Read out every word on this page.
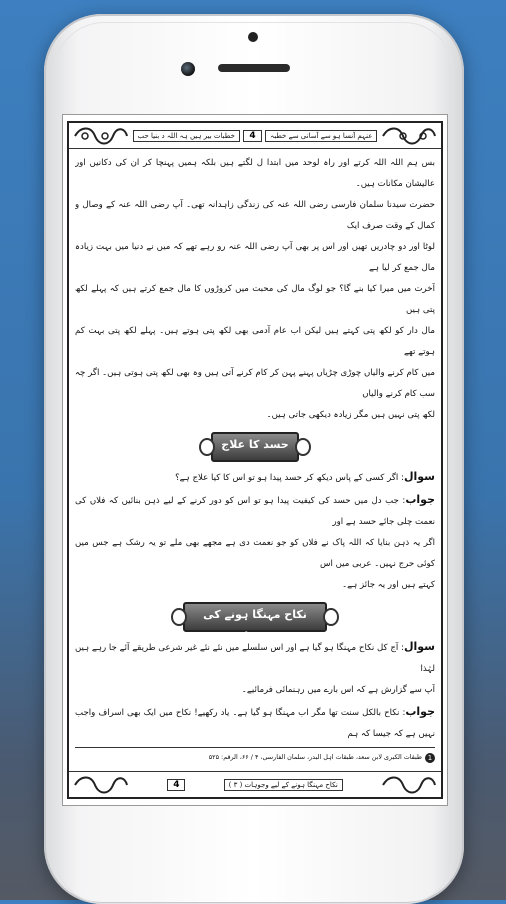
خطبات بیر ہیں ہہ اللہ د بنیا حب	4	عنہم آنسا ہو سے آسانی سے خطبہ

بس ہم اللہ اللہ کرتے اور راہ لوحد میں ابتدا ل لگتے ہیں بلکہ ہمیں پہنچا کر ان کی دکانیں اور عالیشان مکانات ہیں۔

حضرت سیدنا سلمان فارسی رضی اللہ عنہ کی زندگی زاہدانہ تھی۔ آپ رضی اللہ عنہ کے وصال و کمال کے وقت صرف ایک

لوٹا اور دو چادریں تھیں اور اس پر بھی آپ رضی اللہ عنہ رو رہے تھے کہ میں نے دنیا میں بہت زیادہ مال جمع کر لیا ہے

آخرت میں میرا کیا بنے گا؟ جو لوگ مال کی محبت میں کروڑوں کا مال جمع کرتے ہیں کہ پہلے لکھ پتی ہیں

مال دار کو لکھ پتی کہتے ہیں لیکن اب عام آدمی بھی لکھ پتی ہوتے ہیں۔ پہلے لکھ پتی بہت کم ہوتے تھے

میں کام کرنے والیاں چوڑی چڑیاں پہنے پہن کر کام کرنے آتی ہیں وہ بھی لکھ پتی ہوتی ہیں۔ اگر چہ سب کام کرنے والیاں

لکھ پتی نہیں ہیں مگر زیادہ دیکھی جاتی ہیں۔

حسد کا علاج

سوال: اگر کسی کے پاس دیکھ کر حسد پیدا ہو تو اس کا کیا علاج ہے؟

جواب: جب دل میں حسد کی کیفیت پیدا ہو تو اس کو دور کرنے کے لیے ذہن بنائیں کہ فلاں کی نعمت چلی جائے حسد ہے اور

اگر یہ ذہن بنایا کہ اللہ پاک نے فلاں کو جو نعمت دی ہے مجھے بھی ملے تو یہ رشک ہے جس میں کوئی حرج نہیں۔ عربی میں اس

کہتے ہیں اور یہ جائز ہے۔

نکاح مہنگا ہونے کی وجوہات

سوال: آج کل نکاح مہنگا ہو گیا ہے اور اس سلسلے میں نئے نئے غیر شرعی طریقے آئے جا رہے ہیں لہٰذا

آپ سے گزارش ہے کہ اس بارے میں رہنمائی فرمائیے۔

جواب: نکاح بالکل سنت تھا مگر اب مہنگا ہو گیا ہے۔ یاد رکھیے! نکاح میں ایک بھی اسراف واجب نہیں ہے کہ جیسا کہ ہم

1
طبقات الکبری لابن سعد، طبقات اہل البدر، سلمان الفارسی، ۴ / ۶۶، الرقم: ۵۲۵
4	نکاح مہنگا ہونے کے لیے وجوہات ( ۳ )
